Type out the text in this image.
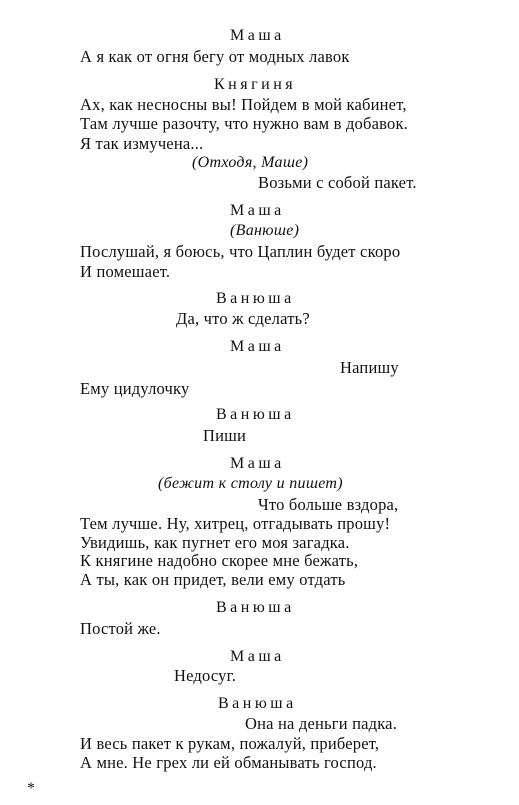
Маша
А я как от огня бегу от модных лавок
Княгиня
Ах, как несносны вы! Пойдем в мой кабинет,
Там лучше разочту, что нужно вам в добавок.
Я так измучена...
(Отходя, Маше)
Возьми с собой пакет.
Маша
(Ванюше)
Послушай, я боюсь, что Цаплин будет скоро
И помешает.
Ванюша
Да, что ж сделать?
Маша
Напишу
Ему цидулочку
Ванюша
Пиши
Маша
(бежит к столу и пишет)
Что больше вздора,
Тем лучше. Ну, хитрец, отгадывать прошу!
Увидишь, как пугнет его моя загадка.
К княгине надобно скорее мне бежать,
А ты, как он придет, вели ему отдать
Ванюша
Постой же.
Маша
Недосуг.
Ванюша
Она на деньги падка.
И весь пакет к рукам, пожалуй, приберет,
А мне. Не грех ли ей обманывать господ.
*
